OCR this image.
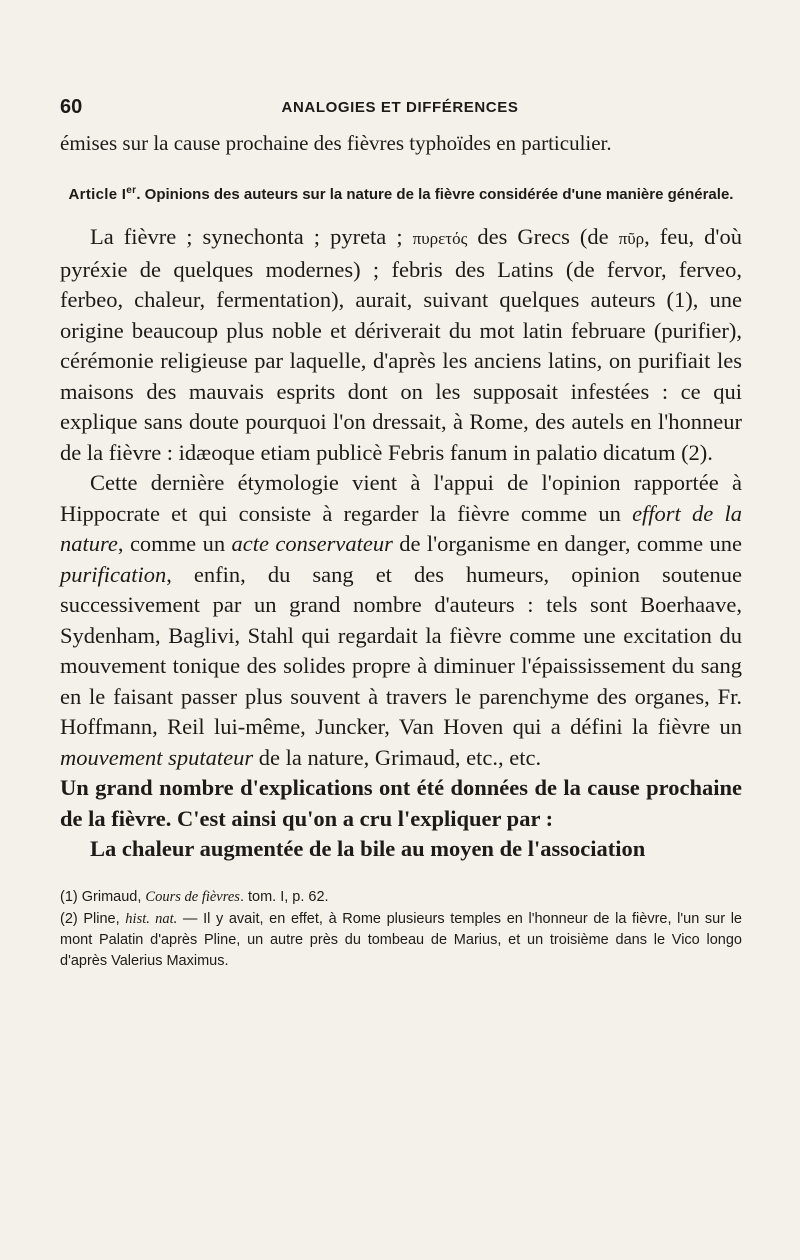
60	ANALOGIES ET DIFFÉRENCES

émises sur la cause prochaine des fièvres typhoïdes en particulier.

Article Ier. Opinions des auteurs sur la nature de la fièvre considérée d'une manière générale.

La fièvre ; synechonta ; pyreta ; πυρετός des Grecs (de πῦρ, feu, d'où pyréxie de quelques modernes) ; febris des Latins (de fervor, ferveo, ferbeo, chaleur, fermentation), aurait, suivant quelques auteurs (1), une origine beaucoup plus noble et dériverait du mot latin februare (purifier), cérémonie religieuse par laquelle, d'après les anciens latins, on purifiait les maisons des mauvais esprits dont on les supposait infestées : ce qui explique sans doute pourquoi l'on dressait, à Rome, des autels en l'honneur de la fièvre : idæoque etiam publicè Febris fanum in palatio dicatum (2).

Cette dernière étymologie vient à l'appui de l'opinion rapportée à Hippocrate et qui consiste à regarder la fièvre comme un effort de la nature, comme un acte conservateur de l'organisme en danger, comme une purification, enfin, du sang et des humeurs, opinion soutenue successivement par un grand nombre d'auteurs : tels sont Boerhaave, Sydenham, Baglivi, Stahl qui regardait la fièvre comme une excitation du mouvement tonique des solides propre à diminuer l'épaississement du sang en le faisant passer plus souvent à travers le parenchyme des organes, Fr. Hoffmann, Reil lui-même, Juncker, Van Hoven qui a défini la fièvre un mouvement sputateur de la nature, Grimaud, etc., etc.

Un grand nombre d'explications ont été données de la cause prochaine de la fièvre. C'est ainsi qu'on a cru l'expliquer par :

La chaleur augmentée de la bile au moyen de l'association

(1) Grimaud, Cours de fièvres. tom. I, p. 62.

(2) Pline, hist. nat. — Il y avait, en effet, à Rome plusieurs temples en l'honneur de la fièvre, l'un sur le mont Palatin d'après Pline, un autre près du tombeau de Marius, et un troisième dans le Vico longo d'après Valerius Maximus.
